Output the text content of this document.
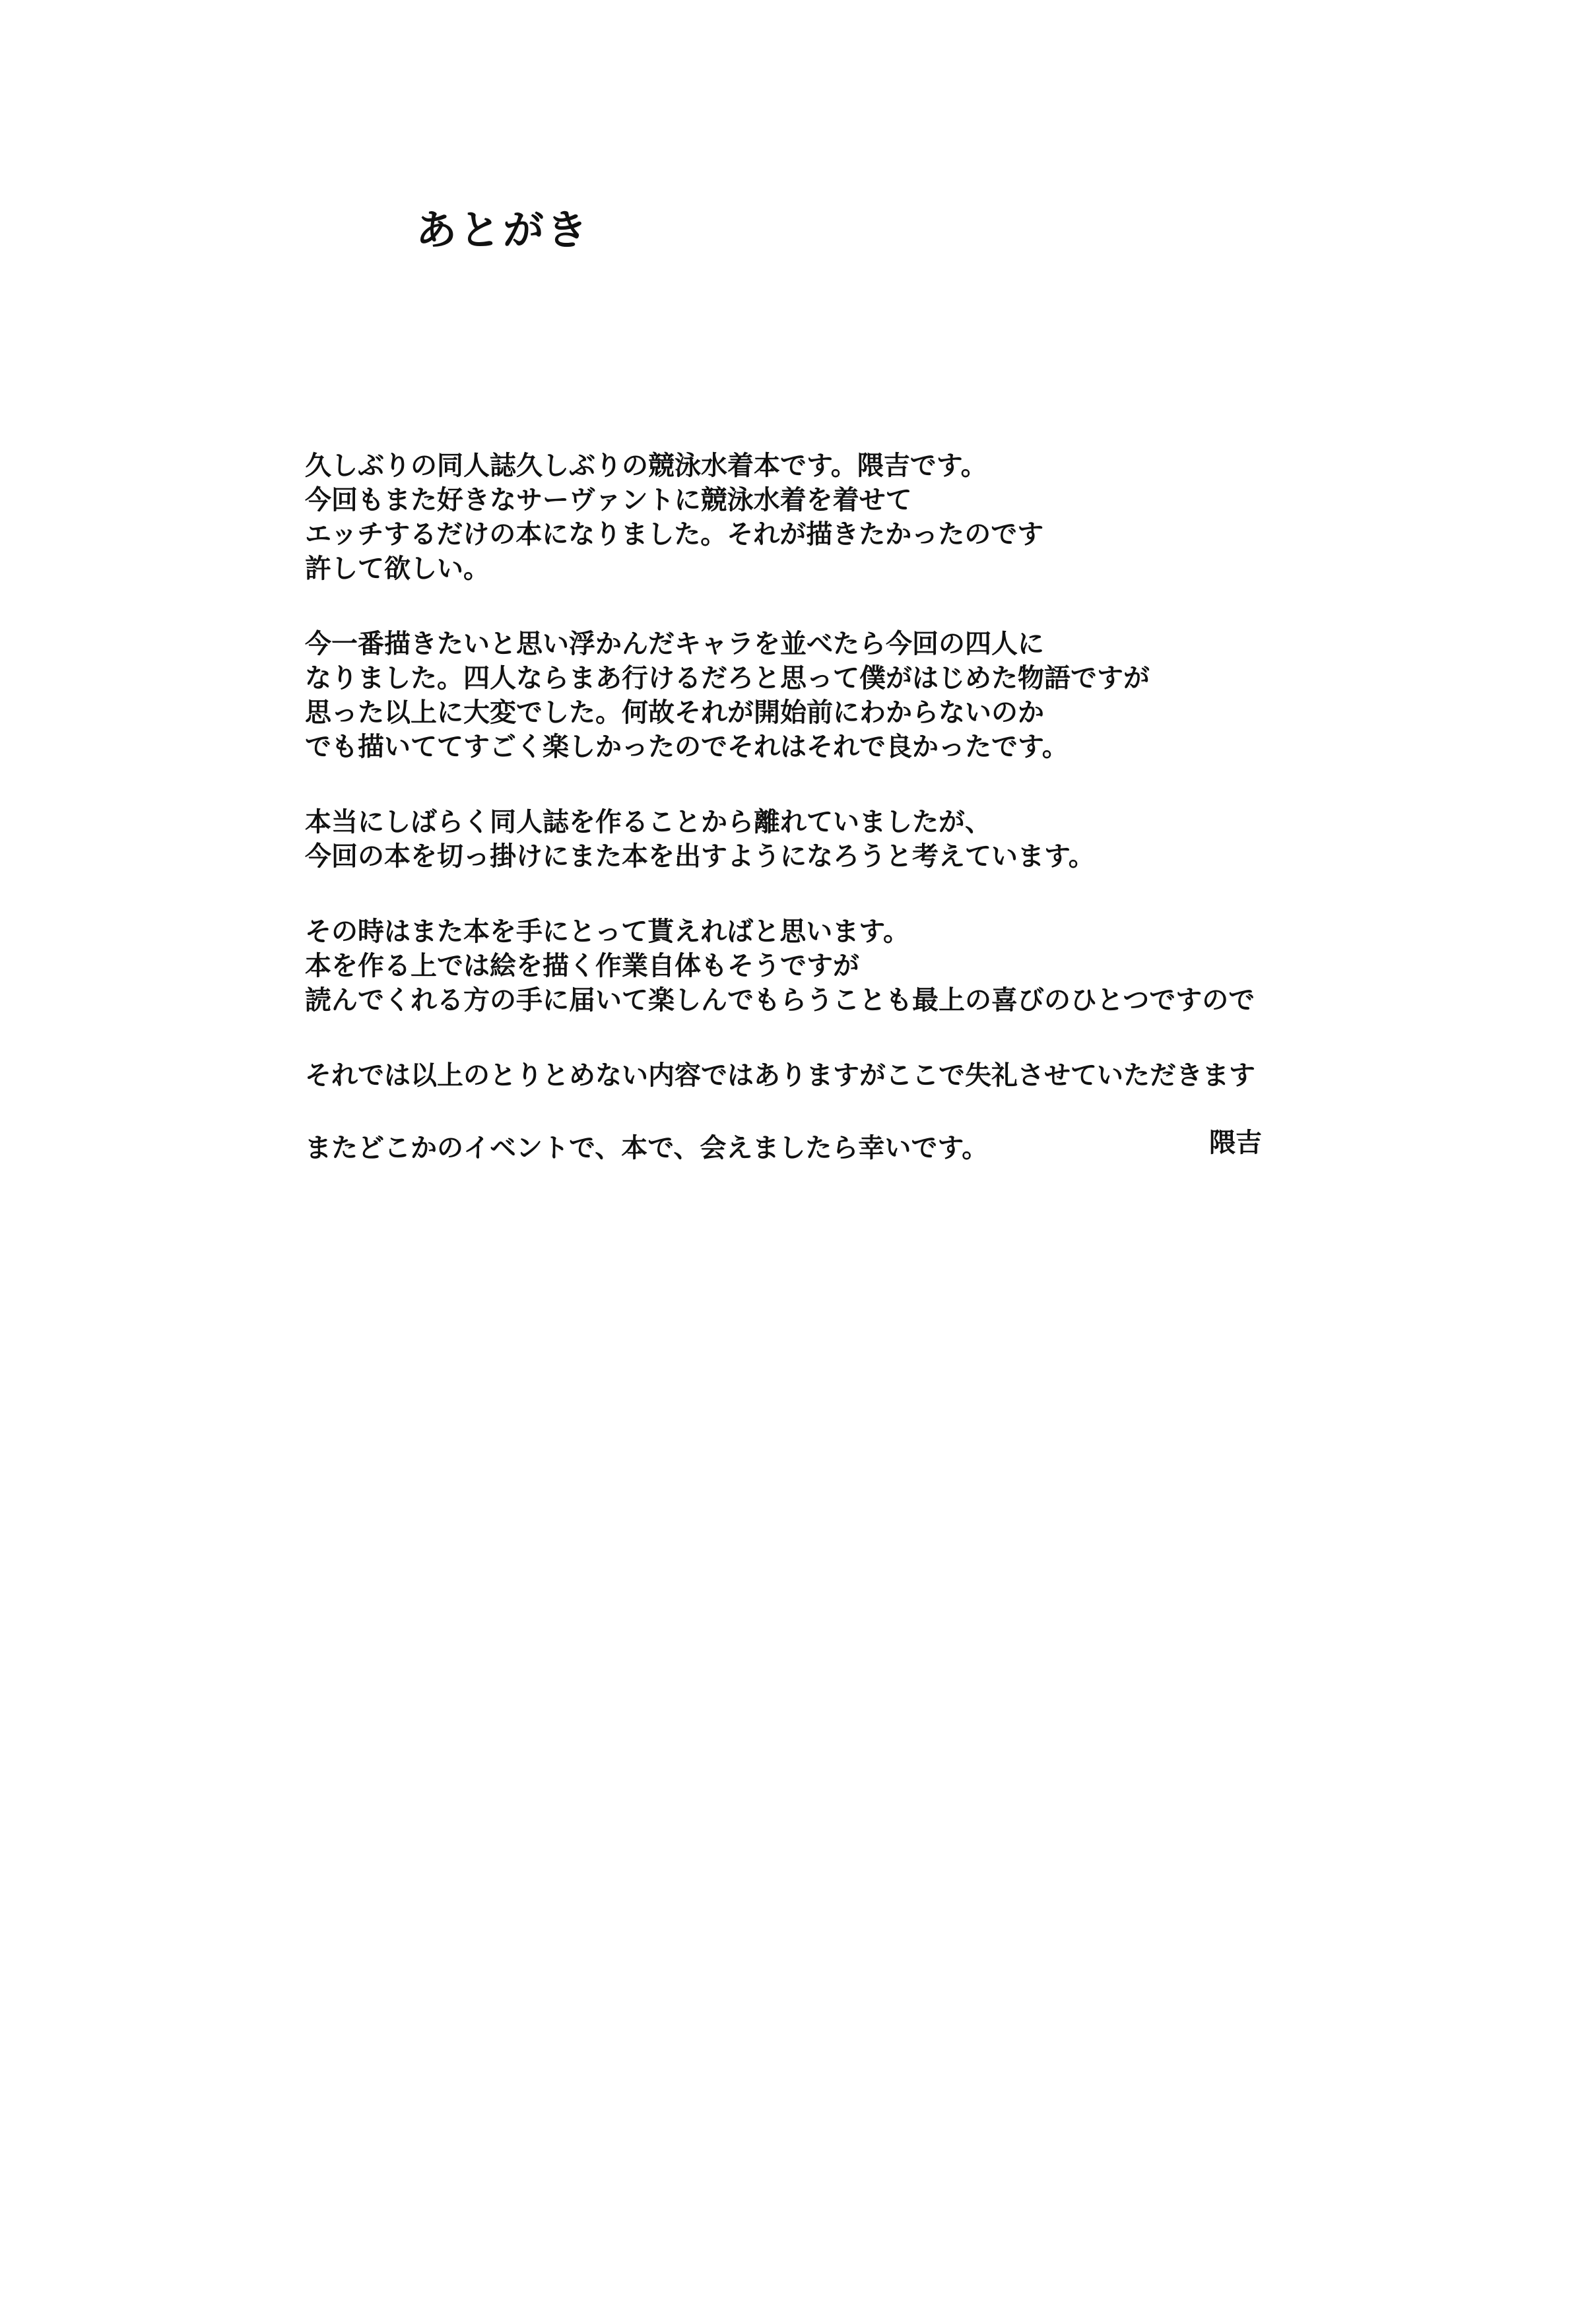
あとがき
久しぶりの同人誌久しぶりの競泳水着本です。隈吉です。
今回もまた好きなサーヴァントに競泳水着を着せて
エッチするだけの本になりました。それが描きたかったのです
許して欲しい。
今一番描きたいと思い浮かんだキャラを並べたら今回の四人に
なりました。四人ならまあ行けるだろと思って僕がはじめた物語ですが
思った以上に大変でした。何故それが開始前にわからないのか
でも描いててすごく楽しかったのでそれはそれで良かったです。
本当にしばらく同人誌を作ることから離れていましたが、
今回の本を切っ掛けにまた本を出すようになろうと考えています。
その時はまた本を手にとって貰えればと思います。
本を作る上では絵を描く作業自体もそうですが
読んでくれる方の手に届いて楽しんでもらうことも最上の喜びのひとつですので
それでは以上のとりとめない内容ではありますがここで失礼させていただきます
またどこかのイベントで、本で、会えましたら幸いです。	隈吉
